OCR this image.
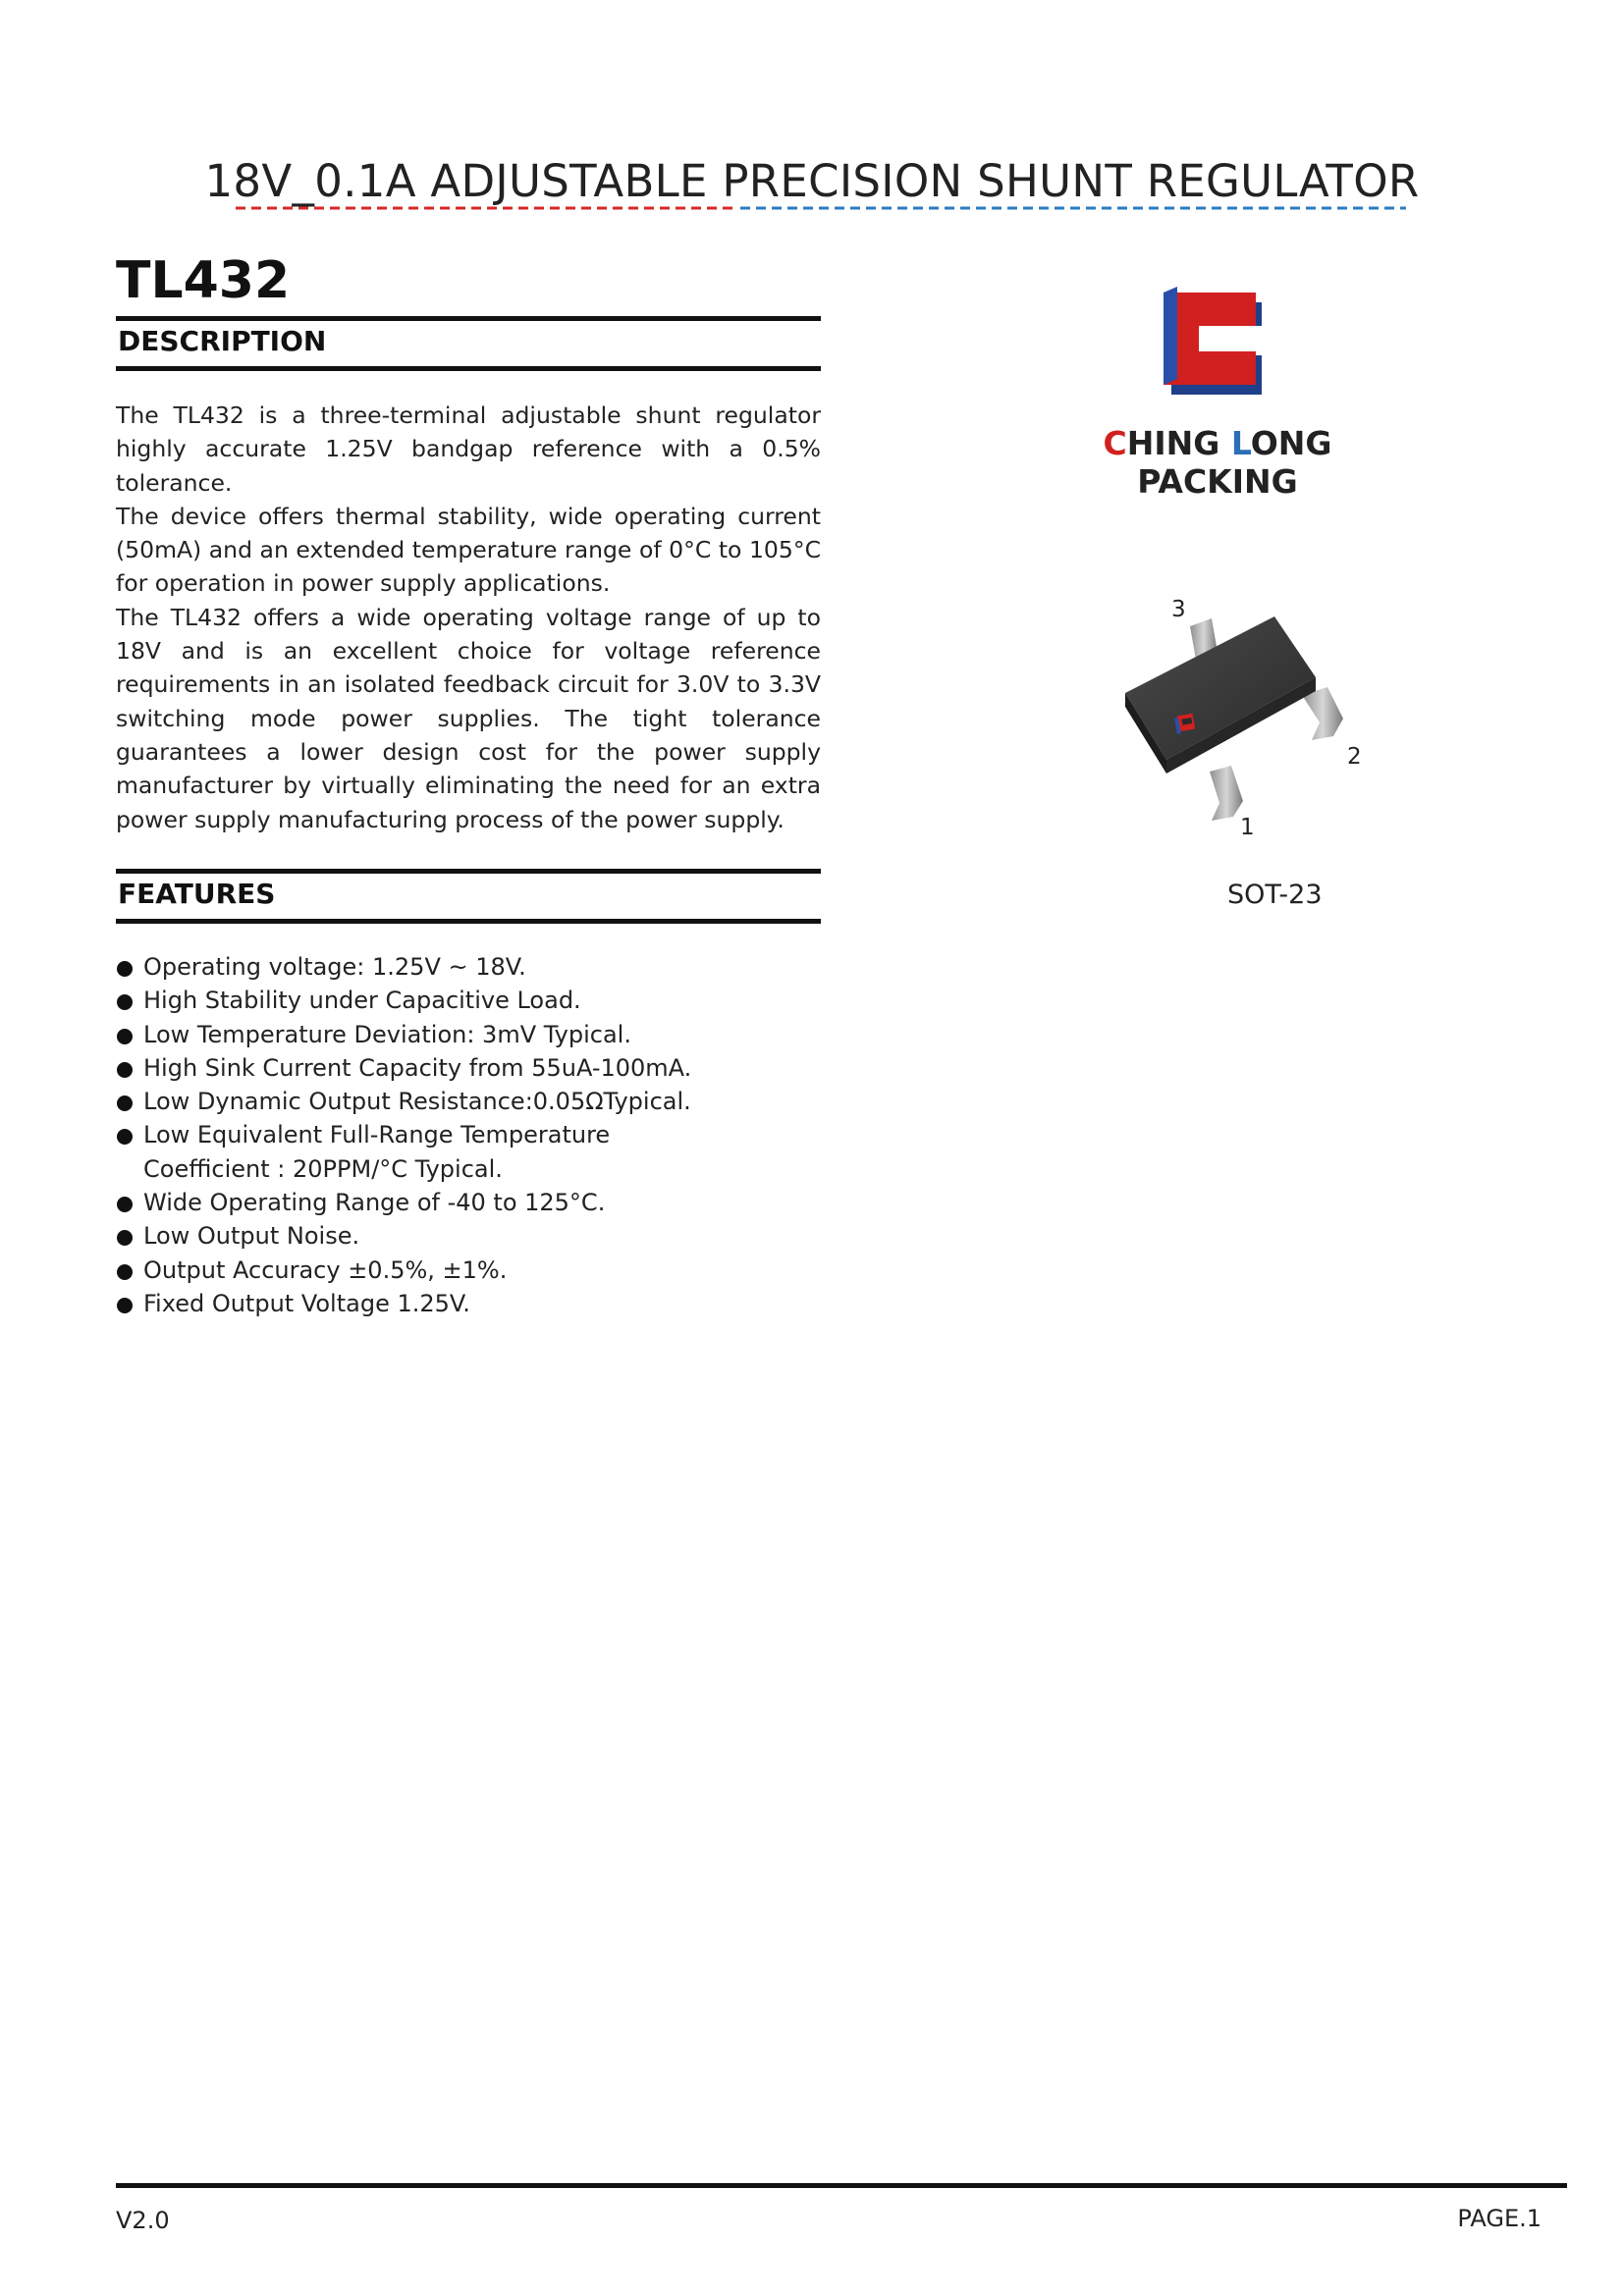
18V_0.1A ADJUSTABLE PRECISION SHUNT REGULATOR
TL432
DESCRIPTION

The TL432 is a three-terminal adjustable shunt regulator highly accurate 1.25V bandgap reference with a 0.5% tolerance.

The device offers thermal stability, wide operating current (50mA) and an extended temperature range of 0°C to 105°C for operation in power supply applications.

The TL432 offers a wide operating voltage range of up to 18V and is an excellent choice for voltage reference requirements in an isolated feedback circuit for 3.0V to 3.3V switching mode power supplies. The tight tolerance guarantees a lower design cost for the power supply manufacturer by virtually eliminating the need for an extra power supply manufacturing process of the power supply.

FEATURES
Operating voltage: 1.25V ~ 18V.
High Stability under Capacitive Load.
Low Temperature Deviation: 3mV Typical.
High Sink Current Capacity from 55uA-100mA.
Low Dynamic Output Resistance:0.05ΩTypical.
Low Equivalent Full-Range Temperature
Coefficient : 20PPM/°C Typical.
Wide Operating Range of -40 to 125°C.
Low Output Noise.
Output Accuracy ±0.5%, ±1%.
Fixed Output Voltage 1.25V.
CHING LONG PACKING
3
2
1
SOT-23
V2.0	PAGE.1
